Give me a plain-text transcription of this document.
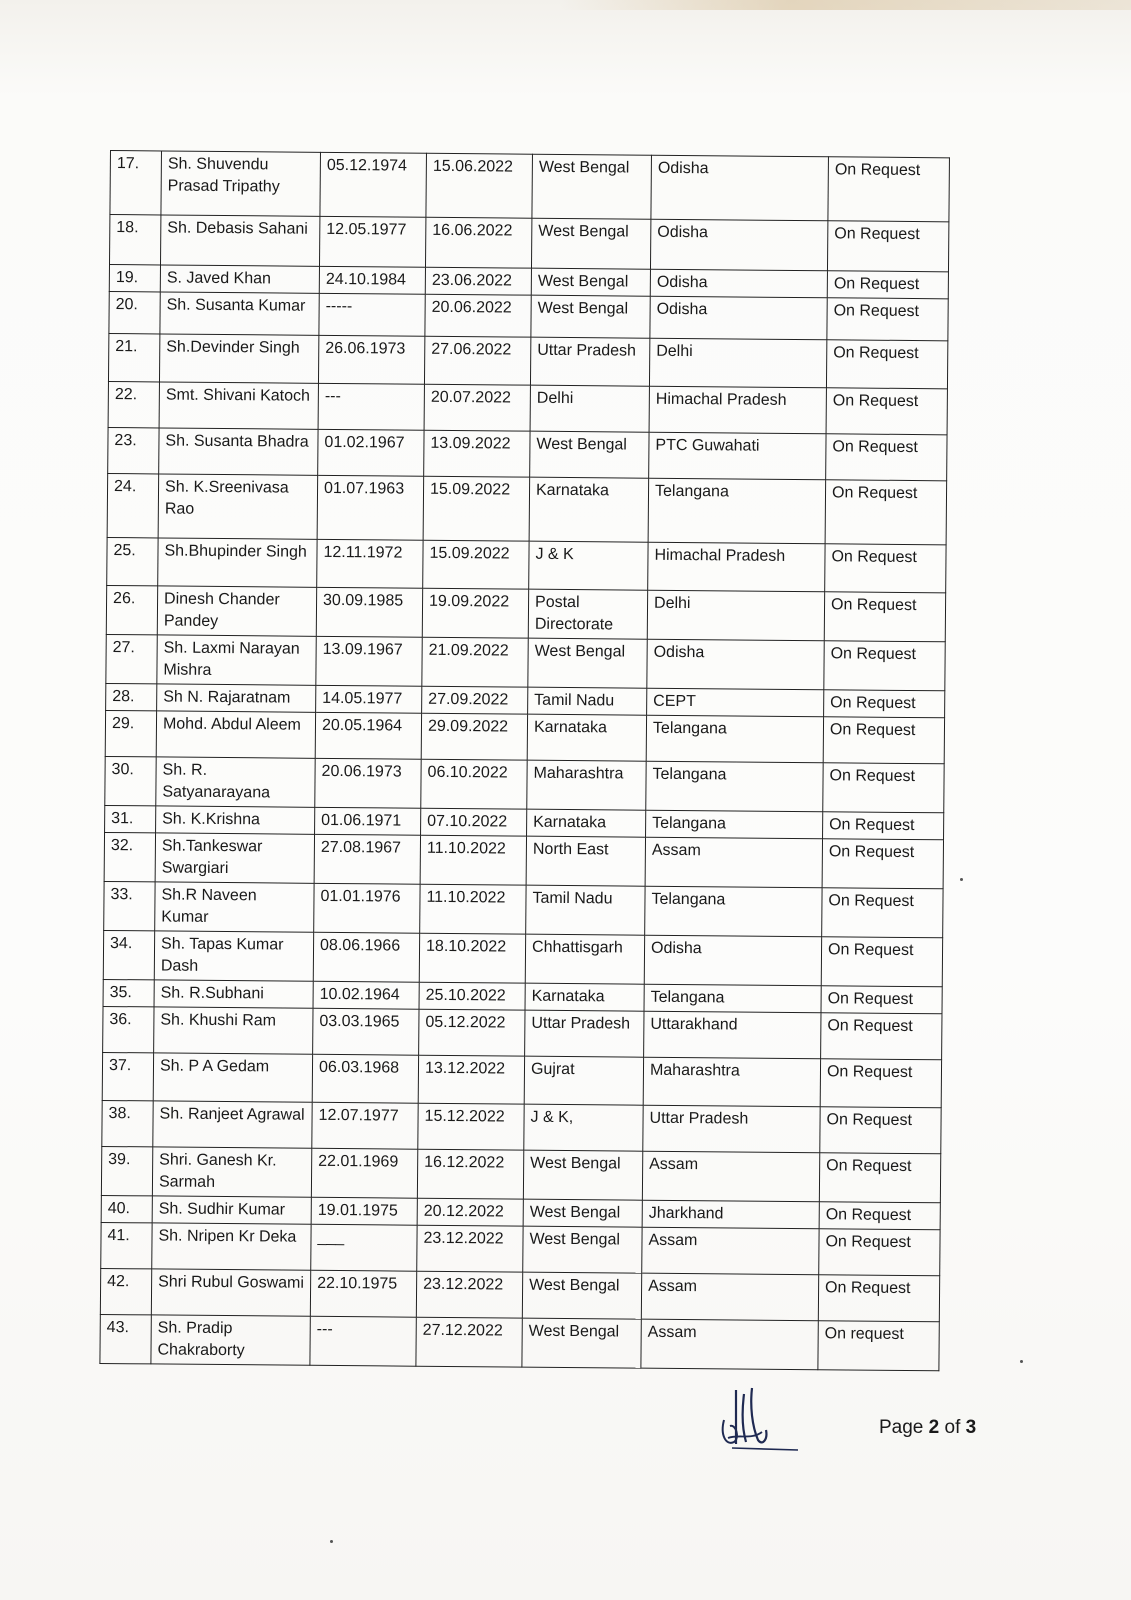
17.	Sh. Shuvendu Prasad Tripathy	05.12.1974	15.06.2022	West Bengal	Odisha	On Request
18.	Sh. Debasis Sahani	12.05.1977	16.06.2022	West Bengal	Odisha	On Request
19.	S. Javed Khan	24.10.1984	23.06.2022	West Bengal	Odisha	On Request
20.	Sh. Susanta Kumar	-----	20.06.2022	West Bengal	Odisha	On Request
21.	Sh.Devinder Singh	26.06.1973	27.06.2022	Uttar Pradesh	Delhi	On Request
22.	Smt. Shivani Katoch	---	20.07.2022	Delhi	Himachal Pradesh	On Request
23.	Sh. Susanta Bhadra	01.02.1967	13.09.2022	West Bengal	PTC Guwahati	On Request
24.	Sh. K.Sreenivasa Rao	01.07.1963	15.09.2022	Karnataka	Telangana	On Request
25.	Sh.Bhupinder Singh	12.11.1972	15.09.2022	J & K	Himachal Pradesh	On Request
26.	Dinesh Chander Pandey	30.09.1985	19.09.2022	Postal Directorate	Delhi	On Request
27.	Sh. Laxmi Narayan Mishra	13.09.1967	21.09.2022	West Bengal	Odisha	On Request
28.	Sh N. Rajaratnam	14.05.1977	27.09.2022	Tamil Nadu	CEPT	On Request
29.	Mohd. Abdul Aleem	20.05.1964	29.09.2022	Karnataka	Telangana	On Request
30.	Sh. R. Satyanarayana	20.06.1973	06.10.2022	Maharashtra	Telangana	On Request
31.	Sh. K.Krishna	01.06.1971	07.10.2022	Karnataka	Telangana	On Request
32.	Sh.Tankeswar Swargiari	27.08.1967	11.10.2022	North East	Assam	On Request
33.	Sh.R Naveen Kumar	01.01.1976	11.10.2022	Tamil Nadu	Telangana	On Request
34.	Sh. Tapas Kumar Dash	08.06.1966	18.10.2022	Chhattisgarh	Odisha	On Request
35.	Sh. R.Subhani	10.02.1964	25.10.2022	Karnataka	Telangana	On Request
36.	Sh. Khushi Ram	03.03.1965	05.12.2022	Uttar Pradesh	Uttarakhand	On Request
37.	Sh. P A Gedam	06.03.1968	13.12.2022	Gujrat	Maharashtra	On Request
38.	Sh. Ranjeet Agrawal	12.07.1977	15.12.2022	J & K,	Uttar Pradesh	On Request
39.	Shri. Ganesh Kr. Sarmah	22.01.1969	16.12.2022	West Bengal	Assam	On Request
40.	Sh. Sudhir Kumar	19.01.1975	20.12.2022	West Bengal	Jharkhand	On Request
41.	Sh. Nripen Kr Deka	___	23.12.2022	West Bengal	Assam	On Request
42.	Shri Rubul Goswami	22.10.1975	23.12.2022	West Bengal	Assam	On Request
43.	Sh. Pradip Chakraborty	---	27.12.2022	West Bengal	Assam	On request
Page 2 of 3
